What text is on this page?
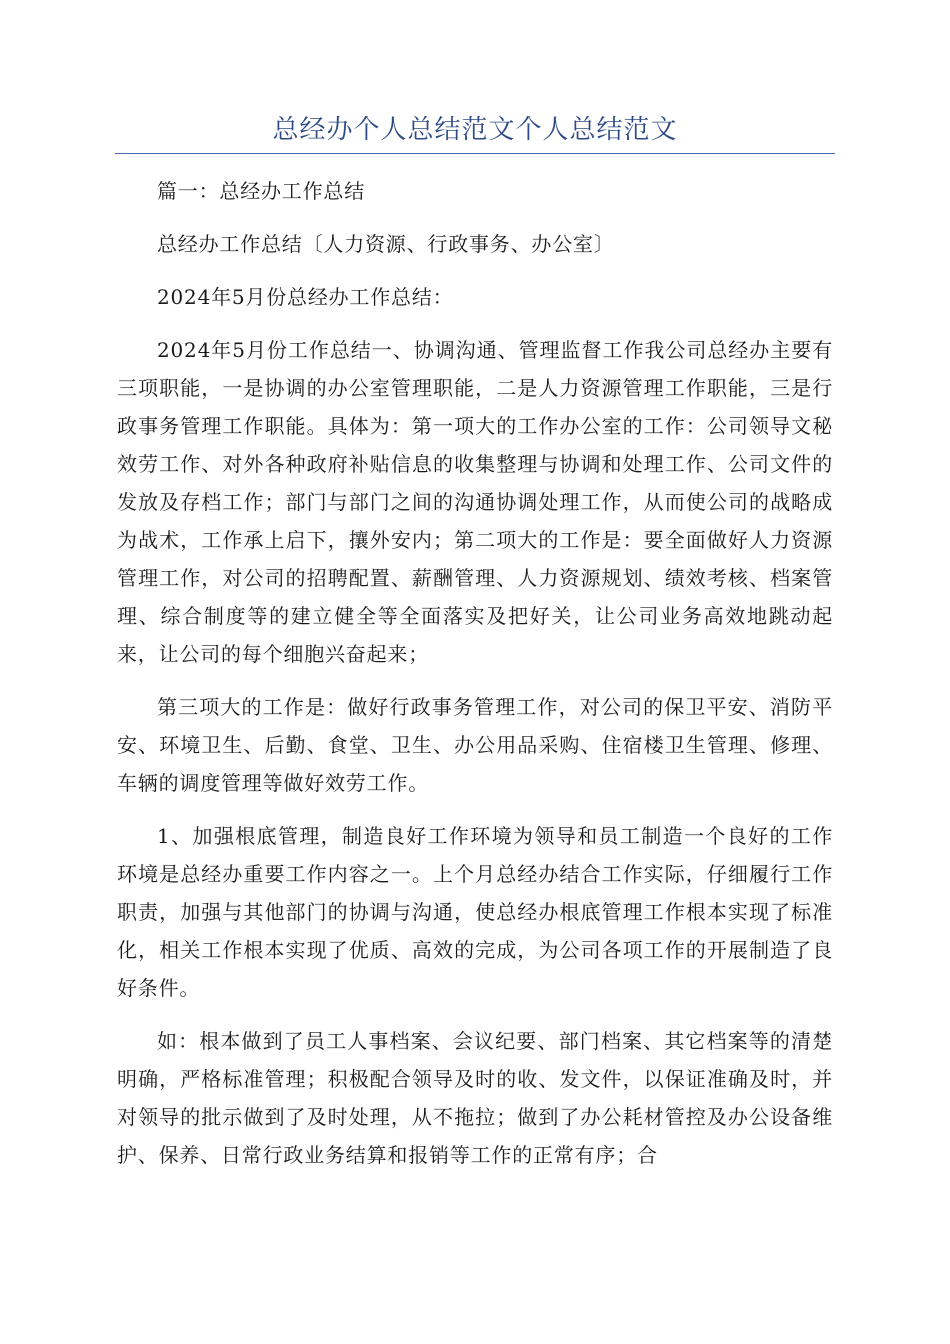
总经办个人总结范文个人总结范文

篇一：总经办工作总结

总经办工作总结〔人力资源、行政事务、办公室〕

2024年5月份总经办工作总结：

2024年5月份工作总结一、协调沟通、管理监督工作我公司总经办主要有三项职能，一是协调的办公室管理职能，二是人力资源管理工作职能，三是行政事务管理工作职能。具体为：第一项大的工作办公室的工作：公司领导文秘效劳工作、对外各种政府补贴信息的收集整理与协调和处理工作、公司文件的发放及存档工作；部门与部门之间的沟通协调处理工作，从而使公司的战略成为战术，工作承上启下，攘外安内；第二项大的工作是：要全面做好人力资源管理工作，对公司的招聘配置、薪酬管理、人力资源规划、绩效考核、档案管理、综合制度等的建立健全等全面落实及把好关，让公司业务高效地跳动起来，让公司的每个细胞兴奋起来；

第三项大的工作是：做好行政事务管理工作，对公司的保卫平安、消防平安、环境卫生、后勤、食堂、卫生、办公用品采购、住宿楼卫生管理、修理、车辆的调度管理等做好效劳工作。

1、加强根底管理，制造良好工作环境为领导和员工制造一个良好的工作环境是总经办重要工作内容之一。上个月总经办结合工作实际，仔细履行工作职责，加强与其他部门的协调与沟通，使总经办根底管理工作根本实现了标准化，相关工作根本实现了优质、高效的完成，为公司各项工作的开展制造了良好条件。

如：根本做到了员工人事档案、会议纪要、部门档案、其它档案等的清楚明确，严格标准管理；积极配合领导及时的收、发文件，以保证准确及时，并对领导的批示做到了及时处理，从不拖拉；做到了办公耗材管控及办公设备维护、保养、日常行政业务结算和报销等工作的正常有序；合
